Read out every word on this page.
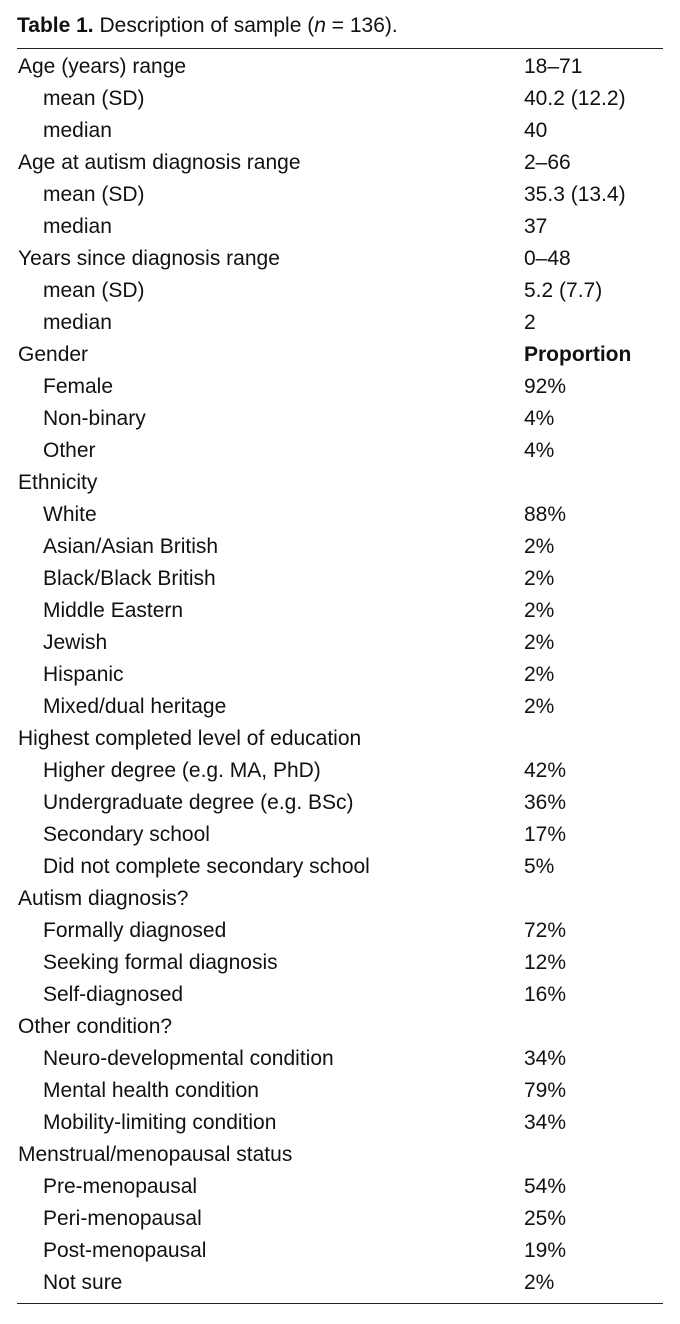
Table 1. Description of sample (n = 136).
Age (years) range	18–71
mean (SD)	40.2 (12.2)
median	40
Age at autism diagnosis range	2–66
mean (SD)	35.3 (13.4)
median	37
Years since diagnosis range	0–48
mean (SD)	5.2 (7.7)
median	2
Gender	Proportion
Female	92%
Non-binary	4%
Other	4%
Ethnicity
White	88%
Asian/Asian British	2%
Black/Black British	2%
Middle Eastern	2%
Jewish	2%
Hispanic	2%
Mixed/dual heritage	2%
Highest completed level of education
Higher degree (e.g. MA, PhD)	42%
Undergraduate degree (e.g. BSc)	36%
Secondary school	17%
Did not complete secondary school	5%
Autism diagnosis?
Formally diagnosed	72%
Seeking formal diagnosis	12%
Self-diagnosed	16%
Other condition?
Neuro-developmental condition	34%
Mental health condition	79%
Mobility-limiting condition	34%
Menstrual/menopausal status
Pre-menopausal	54%
Peri-menopausal	25%
Post-menopausal	19%
Not sure	2%
